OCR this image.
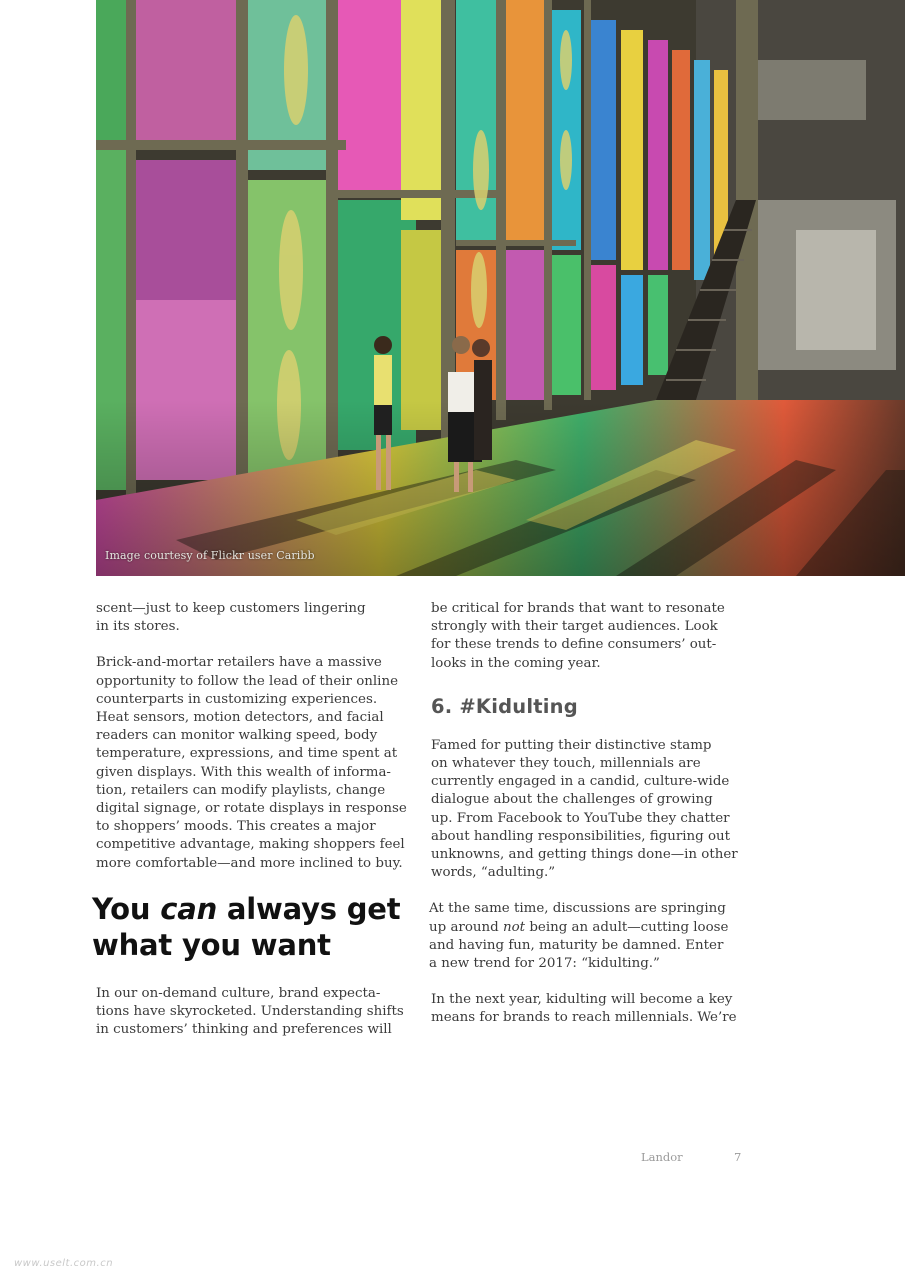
Image courtesy of Flickr user Caribb

scent—just to keep customers lingering
in its stores.

Brick-and-mortar retailers have a massive
opportunity to follow the lead of their online
counterparts in customizing experiences.
Heat sensors, motion detectors, and facial
readers can monitor walking speed, body
temperature, expressions, and time spent at
given displays. With this wealth of informa-
tion, retailers can modify playlists, change
digital signage, or rotate displays in response
to shoppers’ moods. This creates a major
competitive advantage, making shoppers feel
more comfortable—and more inclined to buy.

You can always get
what you want

In our on-demand culture, brand expecta-
tions have skyrocketed. Understanding shifts
in customers’ thinking and preferences will

be critical for brands that want to resonate
strongly with their target audiences. Look
for these trends to define consumers’ out-
looks in the coming year.

6. #Kidulting

Famed for putting their distinctive stamp
on whatever they touch, millennials are
currently engaged in a candid, culture-wide
dialogue about the challenges of growing
up. From Facebook to YouTube they chatter
about handling responsibilities, figuring out
unknowns, and getting things done—in other
words, “adulting.”

At the same time, discussions are springing
up around not being an adult—cutting loose
and having fun, maturity be damned. Enter
a new trend for 2017: “kidulting.”

In the next year, kidulting will become a key
means for brands to reach millennials. We’re

Landor	7
www.uselt.com.cn
